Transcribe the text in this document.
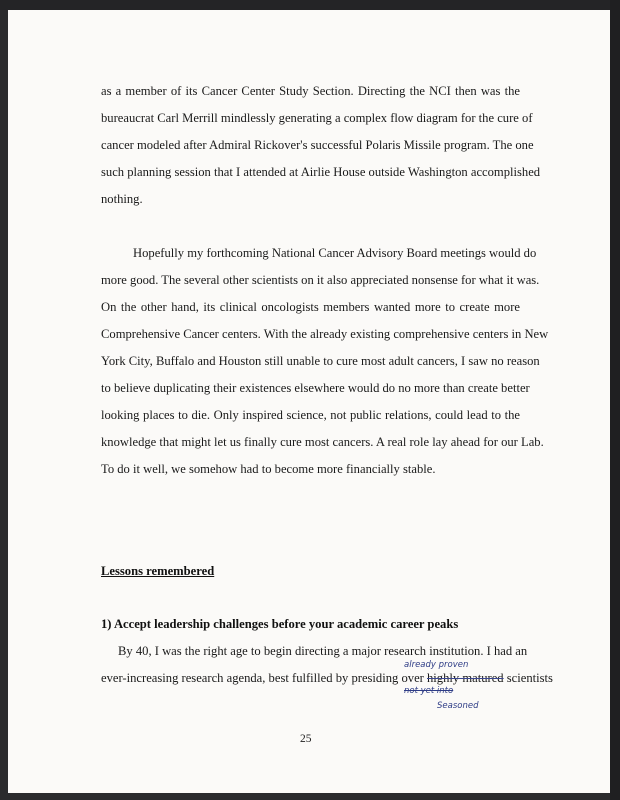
as a member of its Cancer Center Study Section. Directing the NCI then was the
bureaucrat Carl Merrill mindlessly generating a complex flow diagram for the cure of
cancer modeled after Admiral Rickover's successful Polaris Missile program. The one
such planning session that I attended at Airlie House outside Washington accomplished
nothing.
Hopefully my forthcoming National Cancer Advisory Board meetings would do
more good. The several other scientists on it also appreciated nonsense for what it was.
On the other hand, its clinical oncologists members wanted more to create more
Comprehensive Cancer centers. With the already existing comprehensive centers in New
York City, Buffalo and Houston still unable to cure most adult cancers, I saw no reason
to believe duplicating their existences elsewhere would do no more than create better
looking places to die. Only inspired science, not public relations, could lead to the
knowledge that might let us finally cure most cancers. A real role lay ahead for our Lab.
To do it well, we somehow had to become more financially stable.
Lessons remembered
1) Accept leadership challenges before your academic career peaks
By 40, I was the right age to begin directing a major research institution. I had an
ever-increasing research agenda, best fulfilled by presiding over highly matured scientists
already proven
not yet into
Seasoned
25
